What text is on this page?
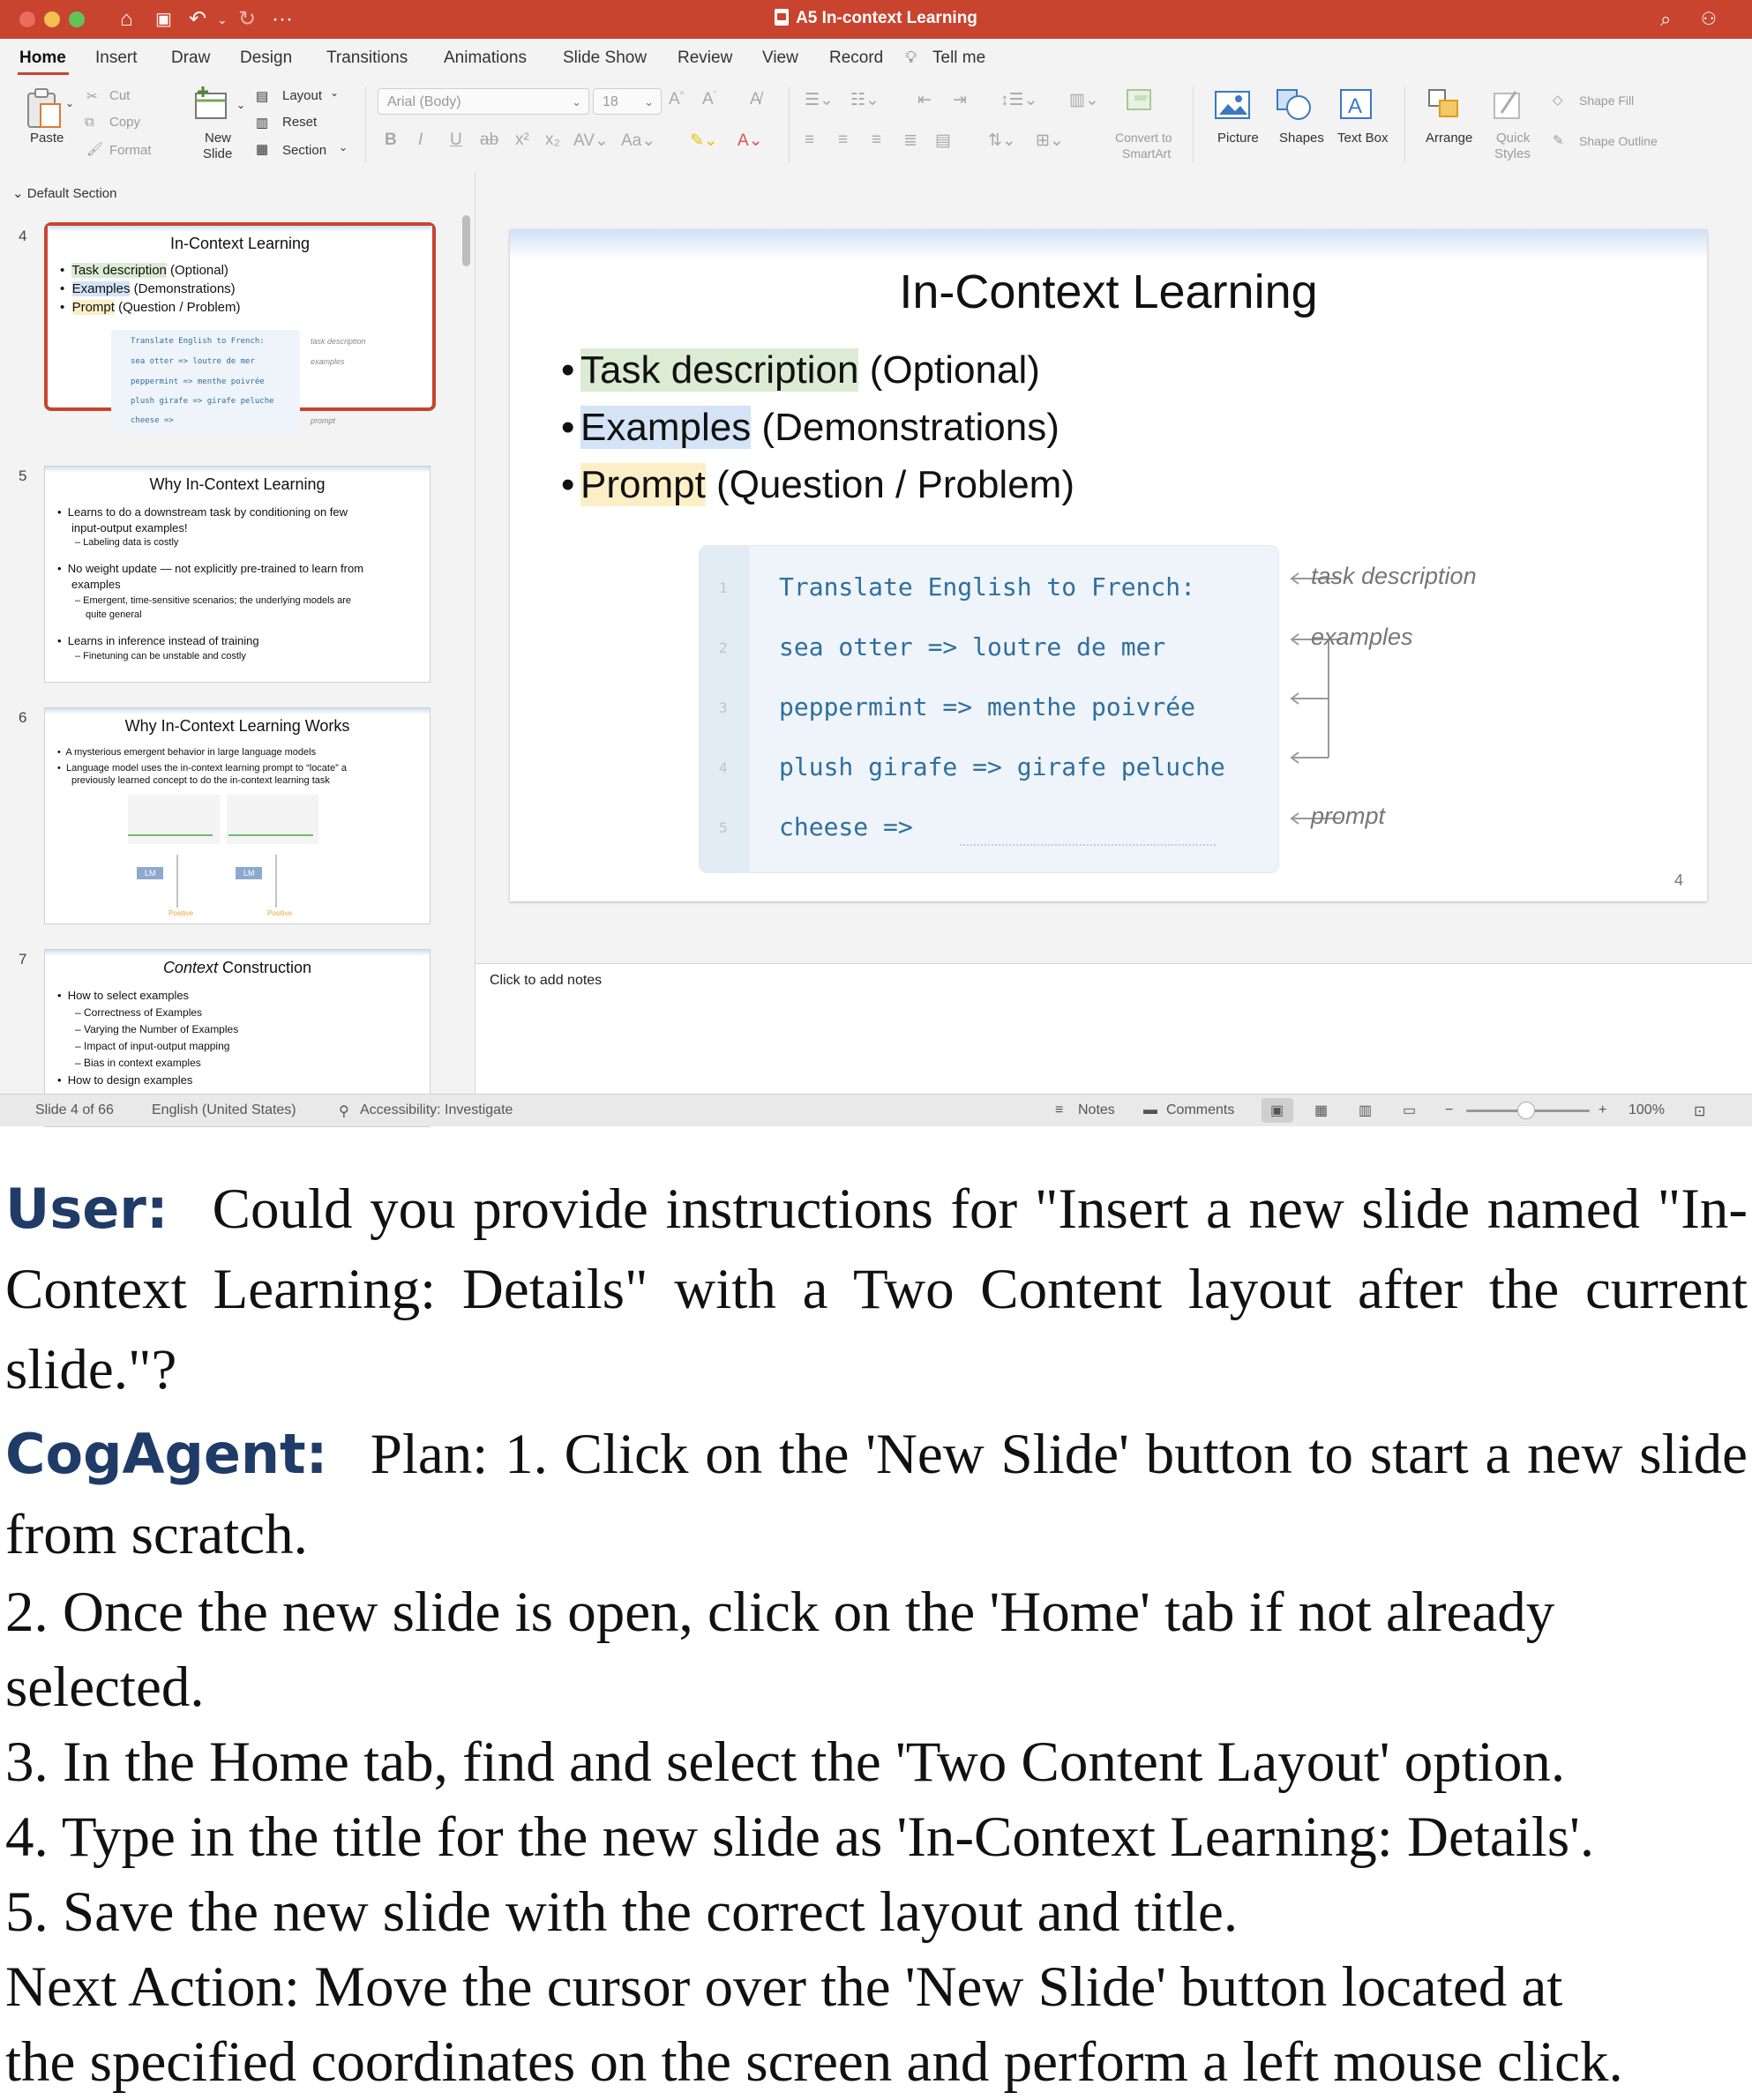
⌂ ▣ ↶ ⌄ ↻ ···	A5 In-context Learning	⌕ ⚇
Home Insert Draw Design Transitions Animations Slide Show Review View Record 💡︎ Tell me
⌄
Paste
✂ Cut
⧉ Copy
🖌︎ Format
⌄
New
Slide
▤ Layout ⌄
▥ Reset
▦ Section ⌄
Arial (Body)	⌄	18 ⌄ A^ $A^ˇ$ A̸
B I U ab x² x₂ AV⌄ Aa⌄ ✎⌄ A⌄
☰⌄ ☷⌄ ⇤ ⇥ ↕☰⌄ ▥⌄
≡ ≡ ≡ ≣ ▤ ⇅⌄ ⊞⌄	Convert to
SmartArt
Picture Shapes
A
Text Box	Arrange Quick
Styles
◇ Shape Fill
✎ Shape Outline
⌄ Default Section
4	In-Context Learning
•  Task description (Optional)
•  Examples (Demonstrations)
•  Prompt (Question / Problem)
Translate English to French:
sea otter => loutre de mer
peppermint => menthe poivrée
plush girafe => girafe peluche
cheese =>
task description
examples
prompt
5	Why In-Context Learning
•  Learns to do a downstream task by conditioning on few
input-output examples!
– Labeling data is costly
•  No weight update — not explicitly pre-trained to learn from
examples
– Emergent, time-sensitive scenarios; the underlying models are
quite general
•  Learns in inference instead of training
– Finetuning can be unstable and costly
6	Why In-Context Learning Works
•  A mysterious emergent behavior in large language models
•  Language model uses the in-context learning prompt to “locate” a
previously learned concept to do the in-context learning task
LM	LM
Positive	Positive
7	Context Construction
•  How to select examples
– Correctness of Examples
– Varying the Number of Examples
– Impact of input-output mapping
– Bias in context examples
•  How to design examples
In-Context Learning
• Task description (Optional)
• Examples (Demonstrations)
• Prompt (Question / Problem)
1
2
3
4
5
Translate English to French:
sea otter => loutre de mer
peppermint => menthe poivrée
plush girafe => girafe peluche
cheese =>
task description
examples
prompt
4
Click to add notes
Slide 4 of 66	English (United States)	⚲ Accessibility: Investigate	≡ Notes ▬ Comments	▣ ▦ ▥ ▭ −	+ 100% ⊡

User:  Could you provide instructions for "Insert a new slide named "In-Context Learning: Details" with a Two Content layout after the current slide."?

CogAgent:  Plan: 1. Click on the 'New Slide' button to start a new slide from scratch.

2. Once the new slide is open, click on the 'Home' tab if not already

selected.

3. In the Home tab, find and select the 'Two Content Layout' option.

4. Type in the title for the new slide as 'In-Context Learning: Details'.

5. Save the new slide with the correct layout and title.

Next Action: Move the cursor over the 'New Slide' button located at

the specified coordinates on the screen and perform a left mouse click.
